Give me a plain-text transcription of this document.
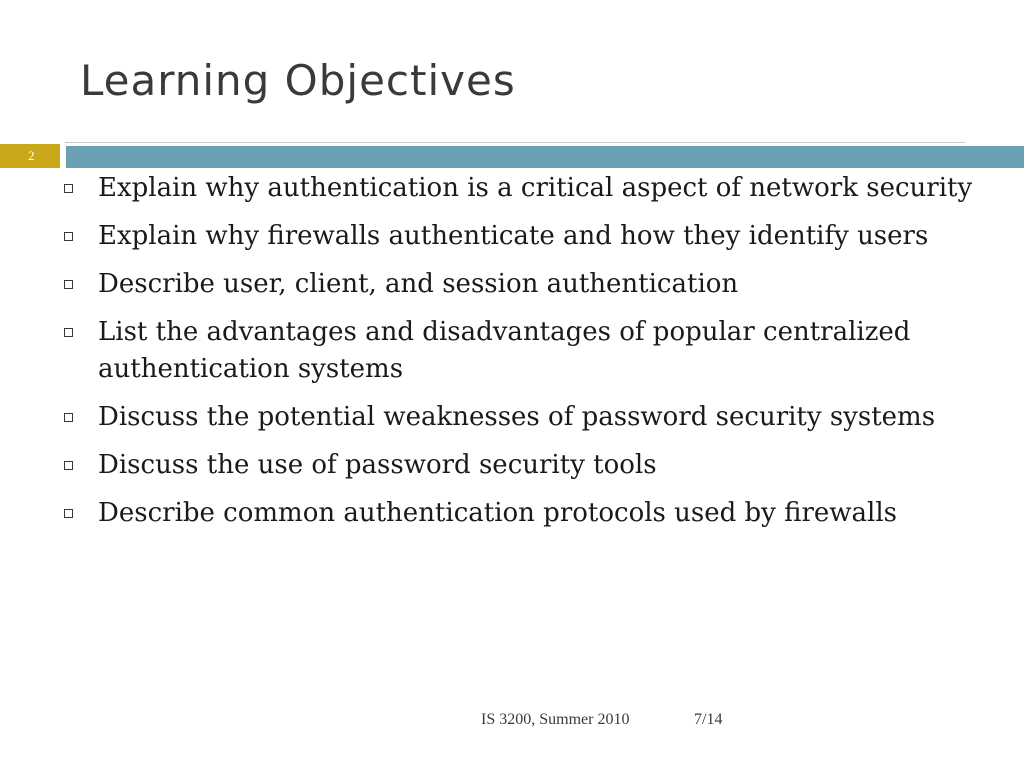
Learning Objectives
2
Explain why authentication is a critical aspect of network security
Explain why firewalls authenticate and how they identify users
Describe user, client, and session authentication
List the advantages and disadvantages of popular centralized authentication systems
Discuss the potential weaknesses of password security systems
Discuss the use of password security tools
Describe common authentication protocols used by firewalls
IS 3200, Summer 2010	7/14
